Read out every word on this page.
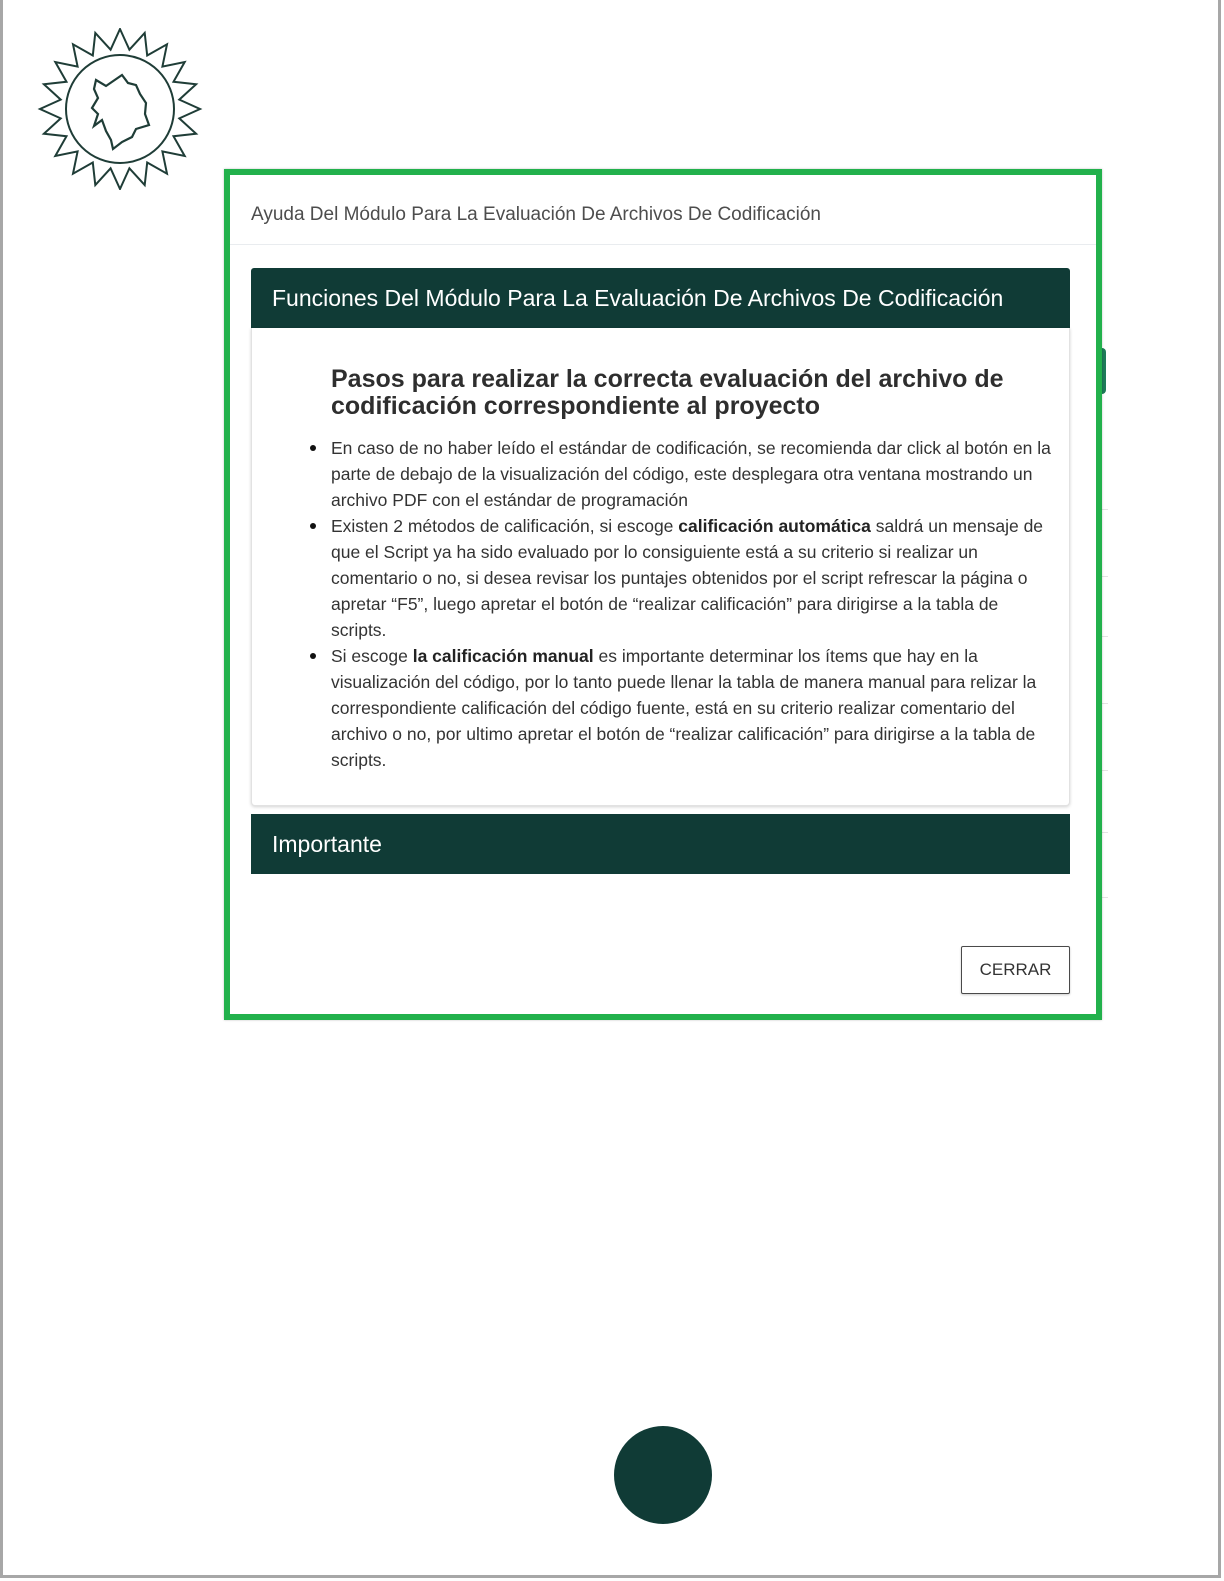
Ayuda Del Módulo Para La Evaluación De Archivos De Codificación
Funciones Del Módulo Para La Evaluación De Archivos De Codificación
Pasos para realizar la correcta evaluación del archivo de codificación correspondiente al proyecto
En caso de no haber leído el estándar de codificación, se recomienda dar click al botón en la parte de debajo de la visualización del código, este desplegara otra ventana mostrando un archivo PDF con el estándar de programación
Existen 2 métodos de calificación, si escoge calificación automática saldrá un mensaje de que el Script ya ha sido evaluado por lo consiguiente está a su criterio si realizar un comentario o no, si desea revisar los puntajes obtenidos por el script refrescar la página o apretar “F5”, luego apretar el botón de “realizar calificación” para dirigirse a la tabla de scripts.
Si escoge la calificación manual es importante determinar los ítems que hay en la visualización del código, por lo tanto puede llenar la tabla de manera manual para relizar la correspondiente calificación del código fuente, está en su criterio realizar comentario del archivo o no, por ultimo apretar el botón de “realizar calificación” para dirigirse a la tabla de scripts.
Importante
CERRAR
